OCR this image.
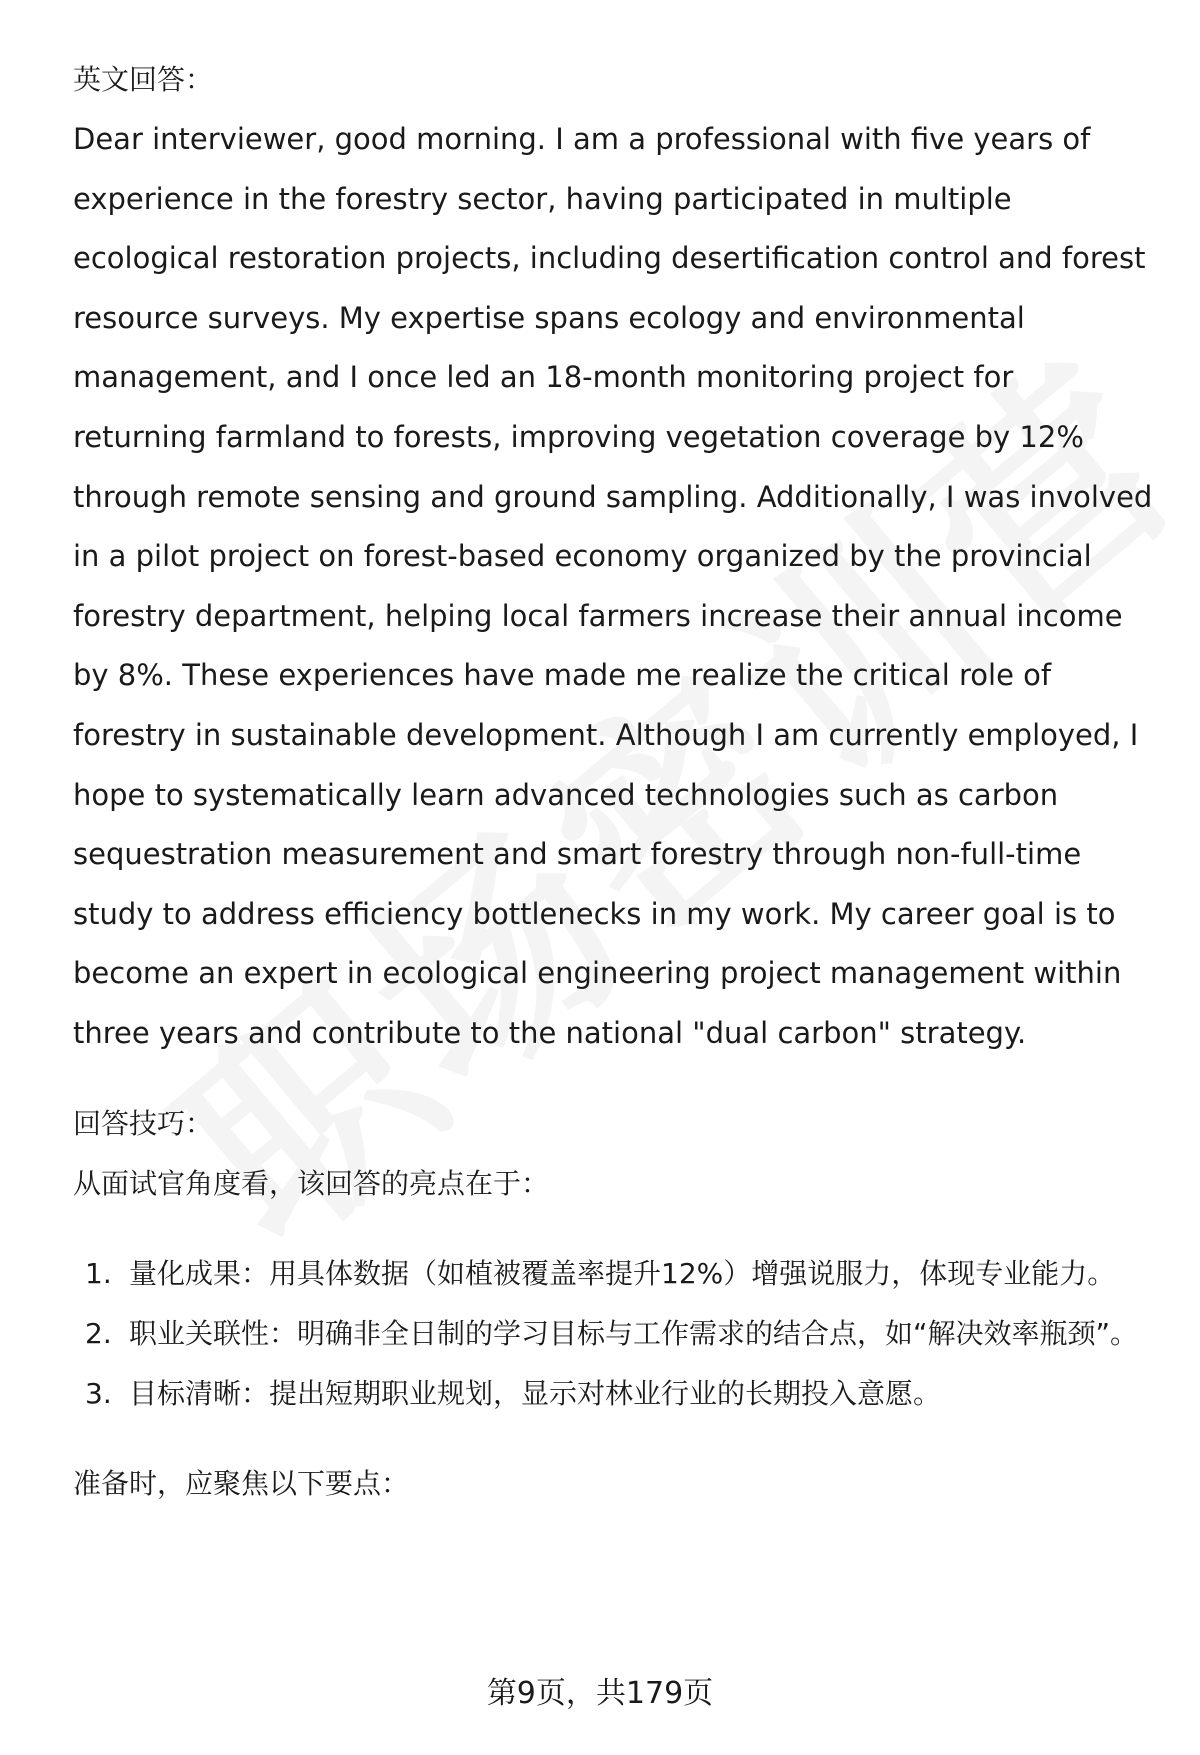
英文回答：

Dear interviewer, good morning. I am a professional with five years of experience in the forestry sector, having participated in multiple ecological restoration projects, including desertification control and forest resource surveys. My expertise spans ecology and environmental management, and I once led an 18-month monitoring project for returning farmland to forests, improving vegetation coverage by 12% through remote sensing and ground sampling. Additionally, I was involved in a pilot project on forest-based economy organized by the provincial forestry department, helping local farmers increase their annual income by 8%. These experiences have made me realize the critical role of forestry in sustainable development. Although I am currently employed, I hope to systematically learn advanced technologies such as carbon sequestration measurement and smart forestry through non-full-time study to address efficiency bottlenecks in my work. My career goal is to become an expert in ecological engineering project management within three years and contribute to the national "dual carbon" strategy.

回答技巧：

从面试官角度看，该回答的亮点在于：

1. 量化成果：用具体数据（如植被覆盖率提升12%）增强说服力，体现专业能力。
2. 职业关联性：明确非全日制的学习目标与工作需求的结合点，如“解决效率瓶颈”。
3. 目标清晰：提出短期职业规划，显示对林业行业的长期投入意愿。

准备时，应聚焦以下要点：

第9页，共179页
